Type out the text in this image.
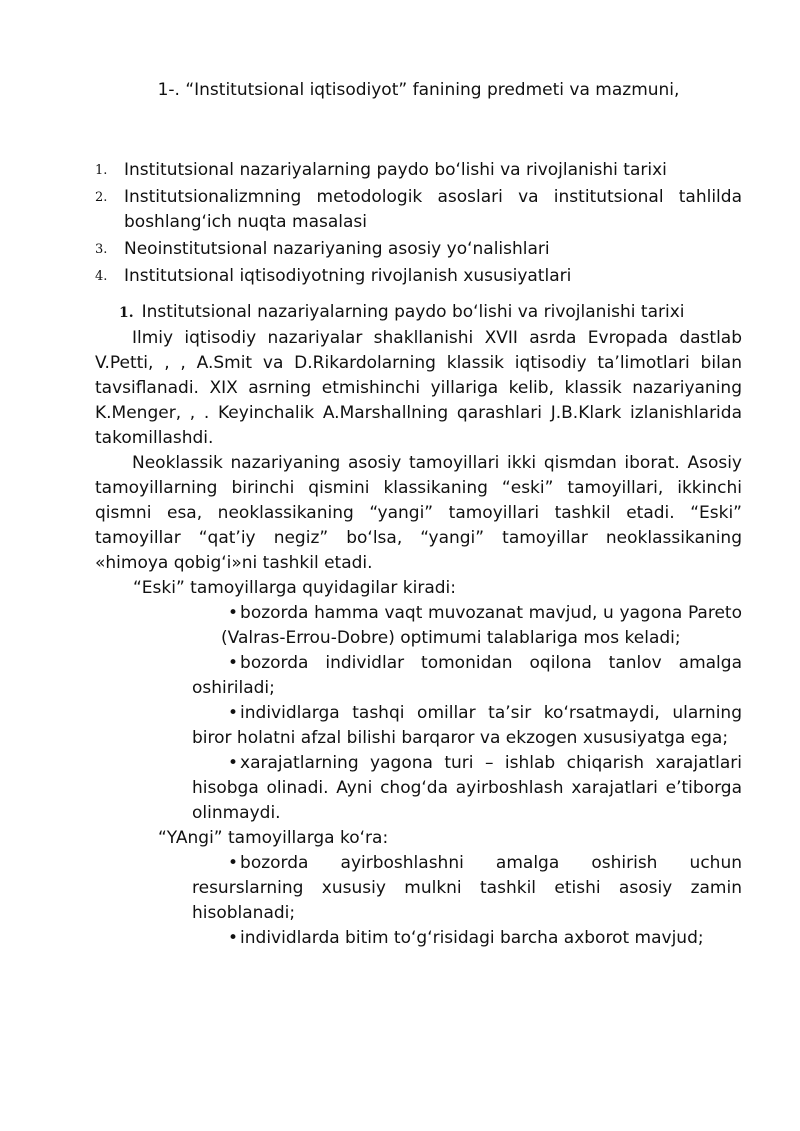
1-. “Institutsional iqtisodiyot” fanining predmeti va mazmuni,
1. Institutsional nazariyalarning paydo bo‘lishi va rivojlanishi tarixi
2. Institutsionalizmning metodologik asoslari va institutsional tahlilda boshlang‘ich nuqta masalasi
3. Neoinstitutsional nazariyaning asosiy yo‘nalishlari
4. Institutsional iqtisodiyotning rivojlanish xususiyatlari
1. Institutsional nazariyalarning paydo bo‘lishi va rivojlanishi tarixi

Ilmiy iqtisodiy nazariyalar shakllanishi XVII asrda Evropada dastlab V.Petti, , , A.Smit va D.Rikardolarning klassik iqtisodiy ta’limotlari bilan tavsiflanadi. XIX asrning etmishinchi yillariga kelib, klassik nazariyaning K.Menger, , . Keyinchalik A.Marshallning qarashlari J.B.Klark izlanishlarida takomillashdi.

Neoklassik nazariyaning asosiy tamoyillari ikki qismdan iborat. Asosiy tamoyillarning birinchi qismini klassikaning “eski” tamoyillari, ikkinchi qismni esa, neoklassikaning “yangi” tamoyillari tashkil etadi. “Eski” tamoyillar “qat’iy negiz” bo‘lsa, “yangi” tamoyillar neoklassikaning «himoya qobig‘i»ni tashkil etadi.

“Eski” tamoyillarga quyidagilar kiradi:

• bozorda hamma vaqt muvozanat mavjud, u yagona Pareto (Valras-Errou-Dobre) optimumi talablariga mos keladi;
• bozorda individlar tomonidan oqilona tanlov amalga oshiriladi;
• individlarga tashqi omillar ta’sir ko‘rsatmaydi, ularning biror holatni afzal bilishi barqaror va ekzogen xususiyatga ega;
• xarajatlarning yagona turi – ishlab chiqarish xarajatlari hisobga olinadi. Ayni chog‘da ayirboshlash xarajatlari e’tiborga olinmaydi.

“YAngi” tamoyillarga ko‘ra:

• bozorda ayirboshlashni amalga oshirish uchun resurslarning xususiy mulkni tashkil etishi asosiy zamin hisoblanadi;
• individlarda bitim to‘g‘risidagi barcha axborot mavjud;
